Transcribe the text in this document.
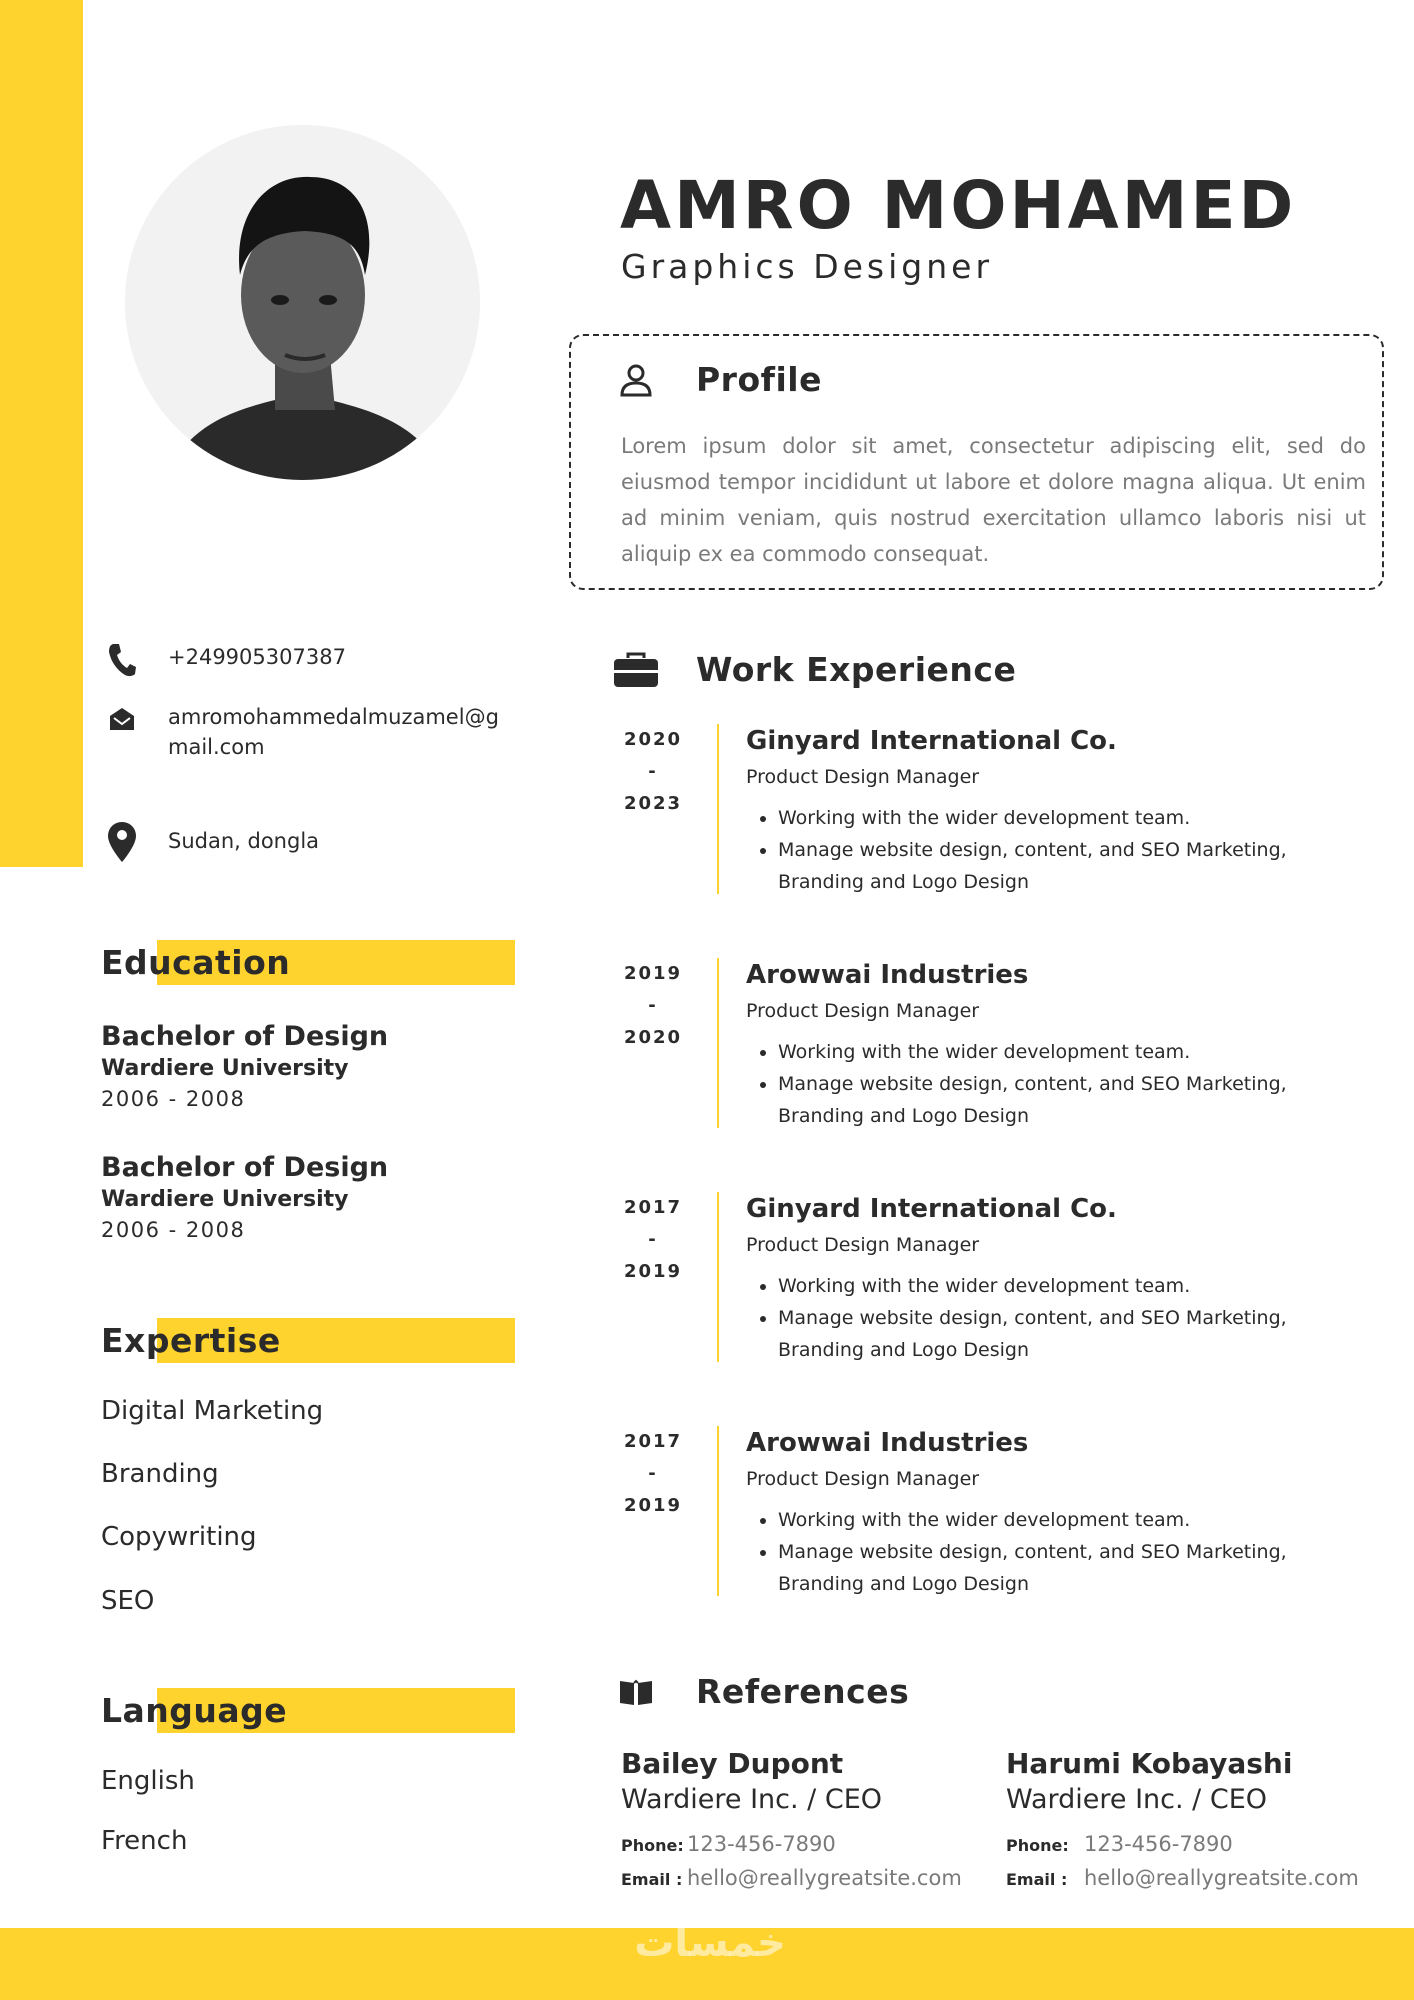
خمسات
+249905307387
amromohammedalmuzamel@gmail.com
Sudan, dongla
Education
Bachelor of Design
Wardiere University
2006 - 2008
Bachelor of Design
Wardiere University
2006 - 2008
Expertise
Digital Marketing
Branding
Copywriting
SEO
Language
English
French
AMRO MOHAMED
Graphics Designer
Profile
Lorem ipsum dolor sit amet, consectetur adipiscing elit, sed do eiusmod tempor incididunt ut labore et dolore magna aliqua. Ut enim ad minim veniam, quis nostrud exercitation ullamco laboris nisi ut aliquip ex ea commodo consequat.
Work Experience
2020
-
2023
Ginyard International Co.
Product Design Manager
• Working with the wider development team.
• Manage website design, content, and SEO Marketing, Branding and Logo Design
2019
-
2020
Arowwai Industries
Product Design Manager
• Working with the wider development team.
• Manage website design, content, and SEO Marketing, Branding and Logo Design
2017
-
2019
Ginyard International Co.
Product Design Manager
• Working with the wider development team.
• Manage website design, content, and SEO Marketing, Branding and Logo Design
2017
-
2019
Arowwai Industries
Product Design Manager
• Working with the wider development team.
• Manage website design, content, and SEO Marketing, Branding and Logo Design
References
Bailey Dupont
Wardiere Inc. / CEO
Phone: 123-456-7890
Email : hello@reallygreatsite.com
Harumi Kobayashi
Wardiere Inc. / CEO
Phone: 123-456-7890
Email : hello@reallygreatsite.com
